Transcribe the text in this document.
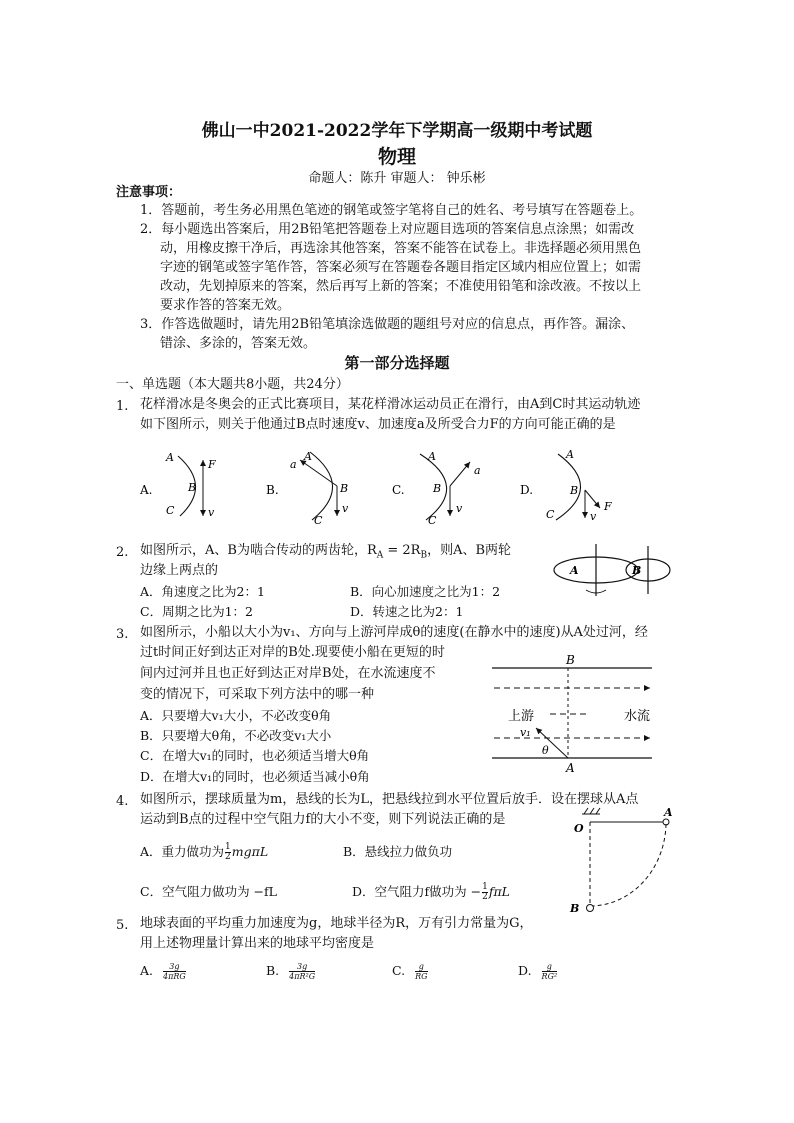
佛山一中2021-2022学年下学期高一级期中考试题
物理
命题人：陈升 审题人： 钟乐彬
注意事项：
1．答题前，考生务必用黑色笔迹的钢笔或签字笔将自己的姓名、考号填写在答题卷上。
2．每小题选出答案后，用2B铅笔把答题卷上对应题目选项的答案信息点涂黑；如需改
动，用橡皮擦干净后，再选涂其他答案，答案不能答在试卷上。非选择题必须用黑色
字迹的钢笔或签字笔作答，答案必须写在答题卷各题目指定区域内相应位置上；如需
改动，先划掉原来的答案，然后再写上新的答案；不准使用铅笔和涂改液。不按以上
要求作答的答案无效。
3．作答选做题时，请先用2B铅笔填涂选做题的题组号对应的信息点，再作答。漏涂、
错涂、多涂的，答案无效。
第一部分选择题
一、单选题（本大题共8小题，共24分）
1. 花样滑冰是冬奥会的正式比赛项目，某花样滑冰运动员正在滑行，由A到C时其运动轨迹
如下图所示，则关于他通过B点时速度v、加速度a及所受合力F的方向可能正确的是
A.
A
B
C
F
v
B.
A
B
C
a
v
C.
A
B
C
a
v
D.
A
B
C
F
v
2. 如图所示，A、B为啮合传动的两齿轮，$R_A = 2R_B$，则A、B两轮
边缘上两点的
A．角速度之比为2：1	B．向心加速度之比为1：2
C．周期之比为1：2	D．转速之比为2：1
A	B
3. 如图所示，小船以大小为v₁、方向与上游河岸成θ的速度(在静水中的速度)从A处过河，经
过t时间正好到达正对岸的B处.现要使小船在更短的时
间内过河并且也正好到达正对岸B处，在水流速度不
变的情况下，可采取下列方法中的哪一种
A．只要增大v₁大小，不必改变θ角
B．只要增大θ角，不必改变v₁大小
C．在增大v₁的同时，也必须适当增大θ角
D．在增大v₁的同时，也必须适当减小θ角
B
A
上游	水流
v₁
θ
4. 如图所示，摆球质量为m，悬线的长为L，把悬线拉到水平位置后放手．设在摆球从A点
运动到B点的过程中空气阻力f的大小不变，则下列说法正确的是
A．重力做功为 $\frac{1}{2}$ mgπL	B．悬线拉力做负功
C．空气阻力做功为 −fL	D．空气阻力f做功为 − $\frac{1}{2}$ fπL
O
A
B
5. 地球表面的平均重力加速度为g，地球半径为R，万有引力常量为G，
用上述物理量计算出来的地球平均密度是
A.	3g
4πRG	B. $\frac{3g}{\text{4πR²G}}$	C. $\frac{g}{RG}$	D. $\frac{g}{\text{RG²}}$
